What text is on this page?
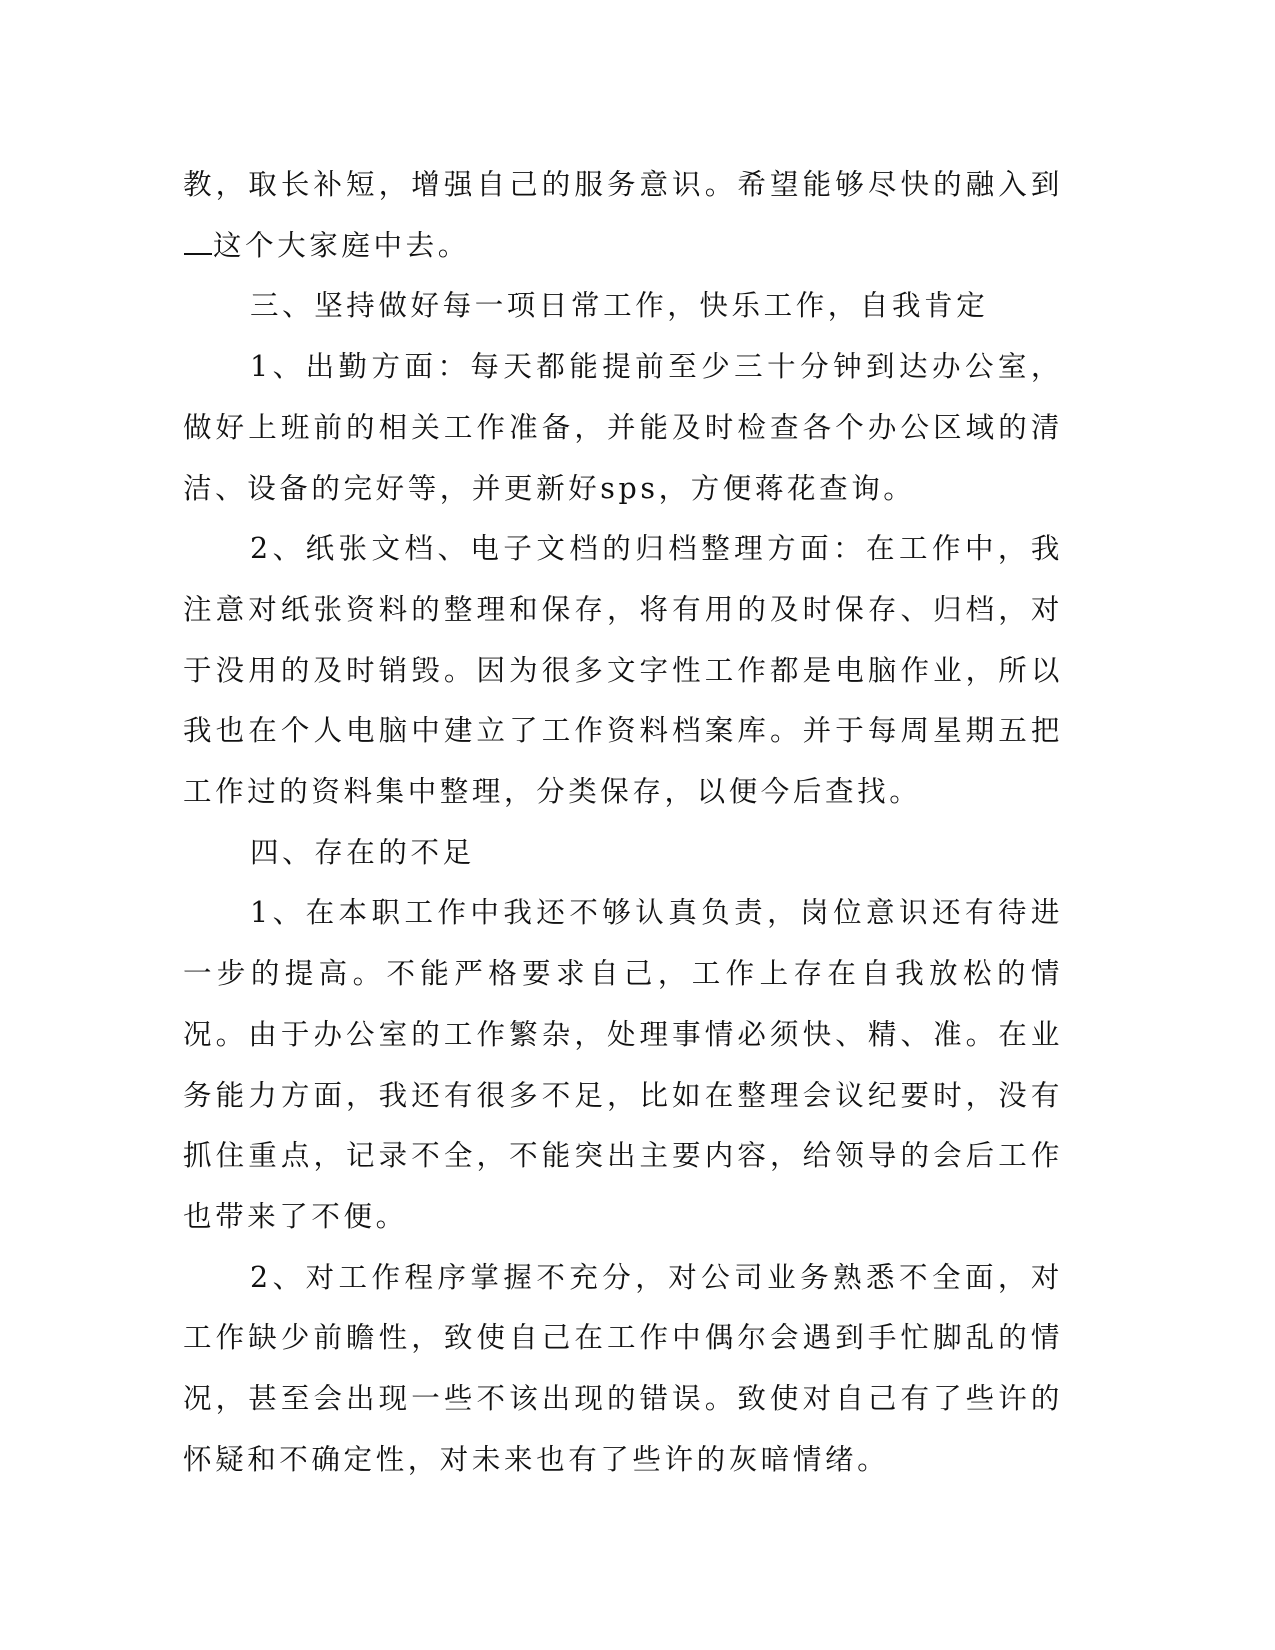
教，取长补短，增强自己的服务意识。希望能够尽快的融入到这个大家庭中去。

三、坚持做好每一项日常工作，快乐工作，自我肯定

1、出勤方面：每天都能提前至少三十分钟到达办公室，做好上班前的相关工作准备，并能及时检查各个办公区域的清洁、设备的完好等，并更新好sps，方便蒋花查询。

2、纸张文档、电子文档的归档整理方面：在工作中，我注意对纸张资料的整理和保存，将有用的及时保存、归档，对于没用的及时销毁。因为很多文字性工作都是电脑作业，所以我也在个人电脑中建立了工作资料档案库。并于每周星期五把工作过的资料集中整理，分类保存，以便今后查找。

四、存在的不足

1、在本职工作中我还不够认真负责，岗位意识还有待进一步的提高。不能严格要求自己，工作上存在自我放松的情况。由于办公室的工作繁杂，处理事情必须快、精、准。在业务能力方面，我还有很多不足，比如在整理会议纪要时，没有抓住重点，记录不全，不能突出主要内容，给领导的会后工作也带来了不便。

2、对工作程序掌握不充分，对公司业务熟悉不全面，对工作缺少前瞻性，致使自己在工作中偶尔会遇到手忙脚乱的情况，甚至会出现一些不该出现的错误。致使对自己有了些许的怀疑和不确定性，对未来也有了些许的灰暗情绪。
